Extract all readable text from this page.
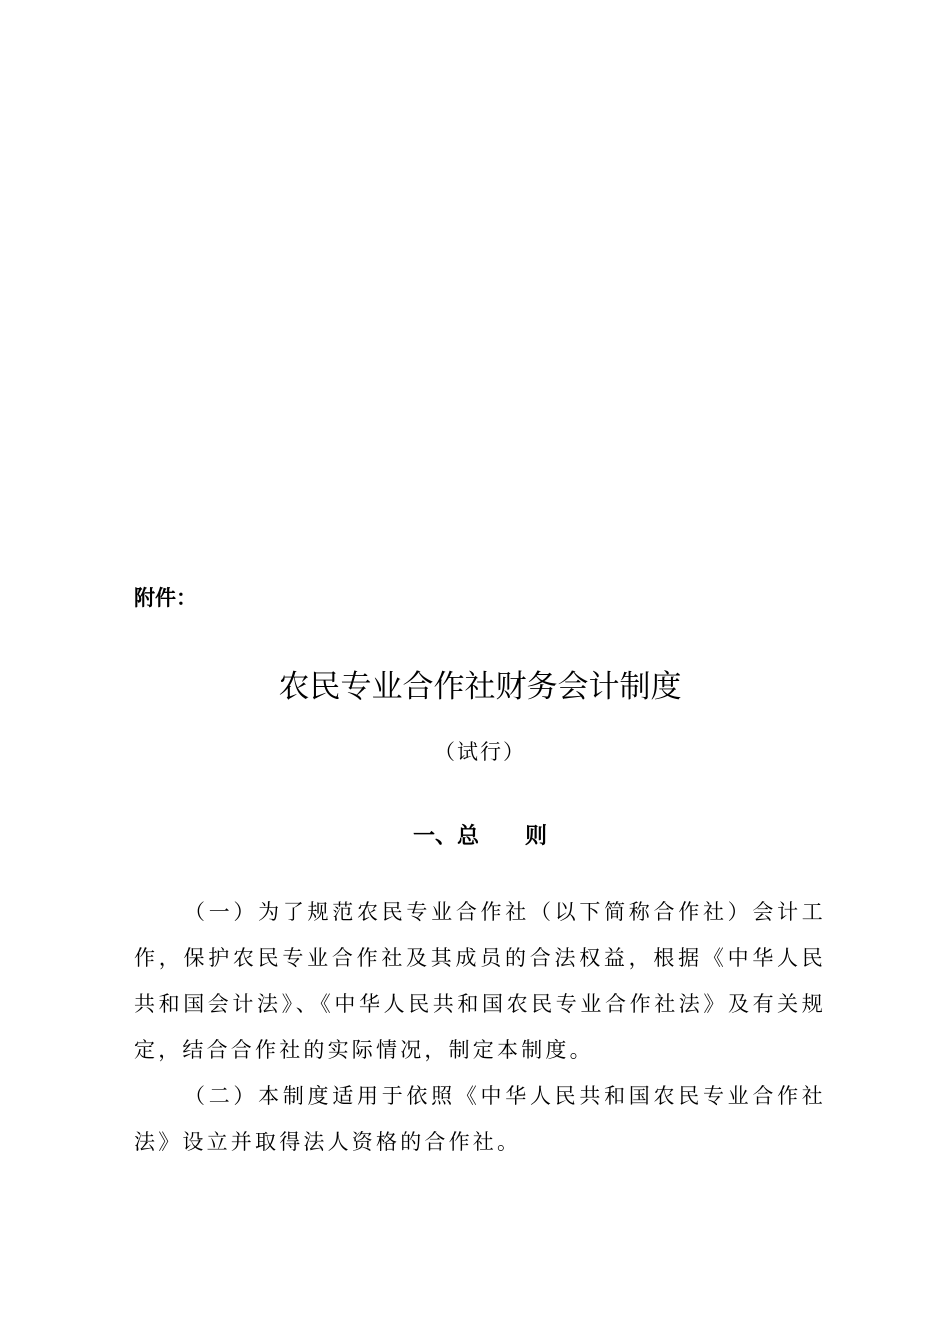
附件：
农民专业合作社财务会计制度
（试行）
一、总      则

（一）为了规范农民专业合作社（以下简称合作社）会计工作，保护农民专业合作社及其成员的合法权益，根据《中华人民共和国会计法》、《中华人民共和国农民专业合作社法》及有关规定，结合合作社的实际情况，制定本制度。

（二）本制度适用于依照《中华人民共和国农民专业合作社法》设立并取得法人资格的合作社。
